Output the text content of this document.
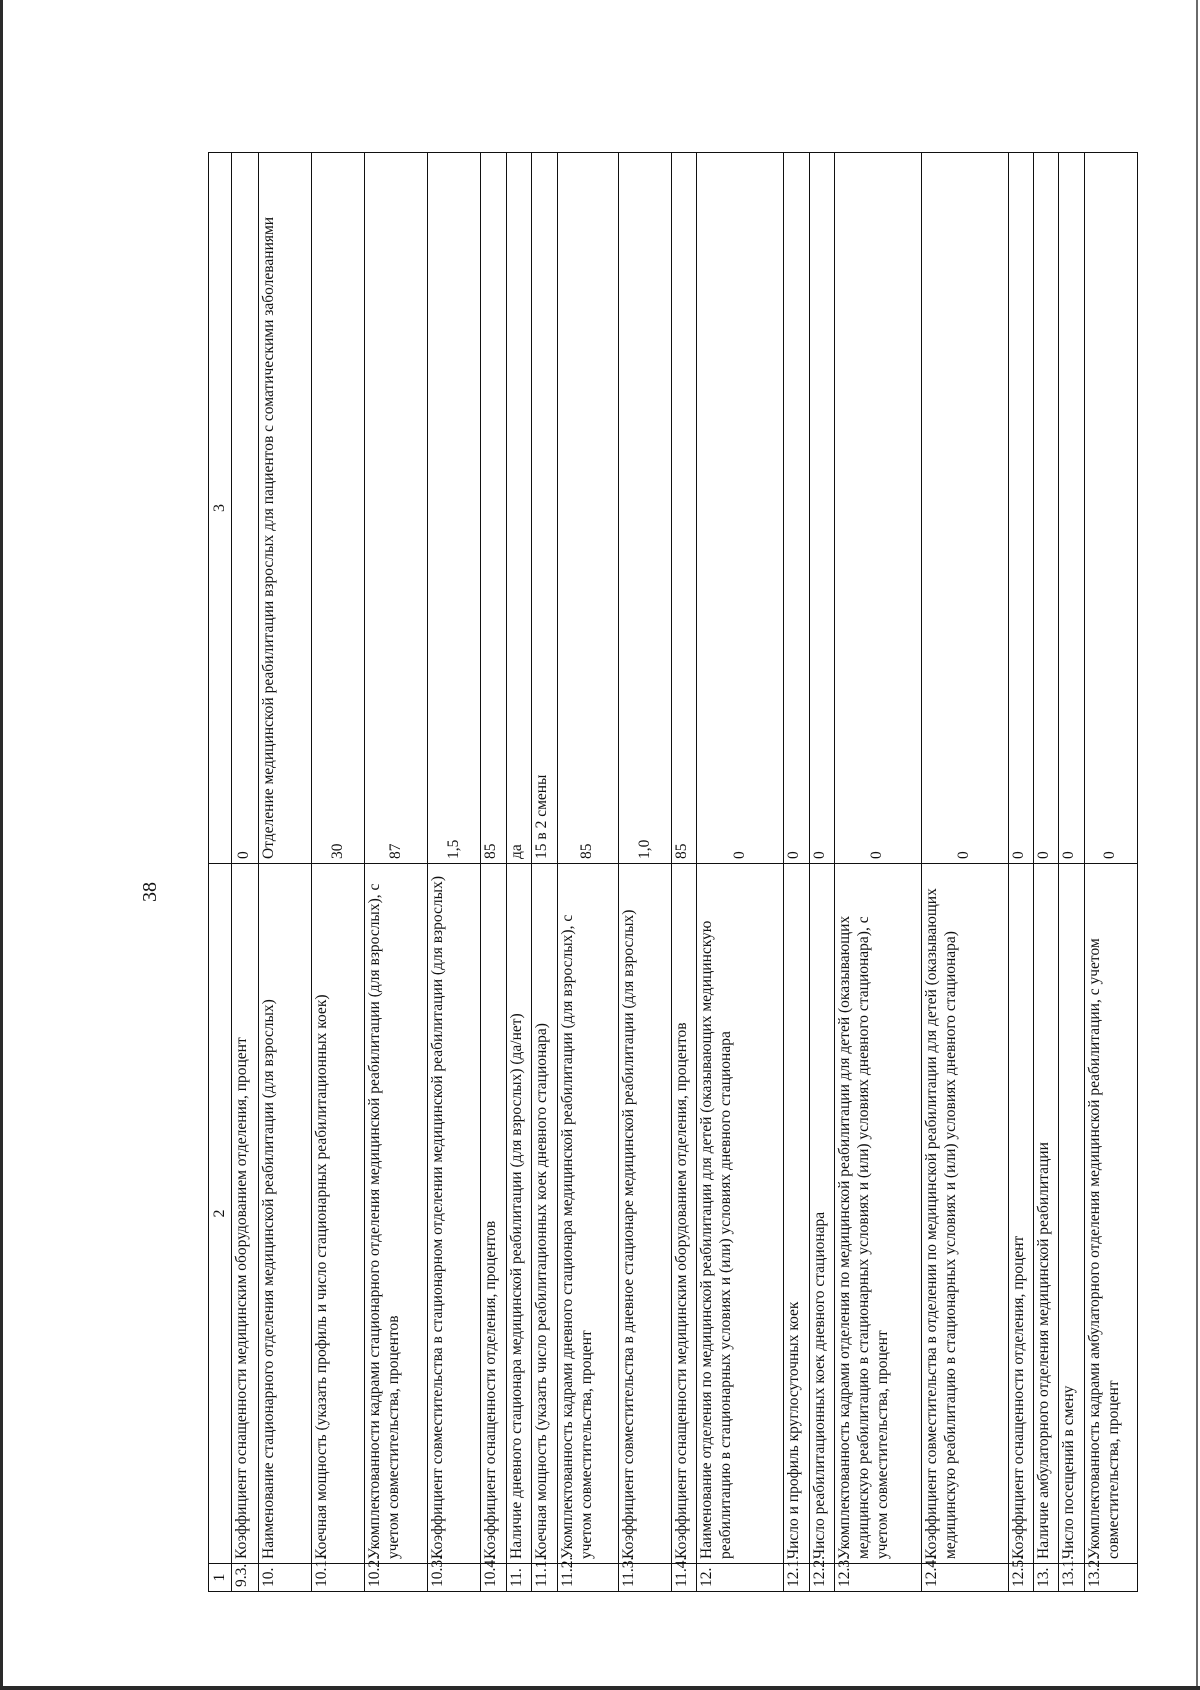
38
1	2	3
9.3.	Коэффициент оснащенности медицинским оборудованием отделения, процент	0
10.	Наименование стационарного отделения медицинской реабилитации (для взрослых)	Отделение медицинской реабилитации взрослых для пациентов с соматическими заболеваниями
10.1.	Коечная мощность (указать профиль и число стационарных реабилитационных коек)	30
10.2.	Укомплектованности кадрами стационарного отделения медицинской реабилитации (для взрослых), с учетом совместительства, процентов	87
10.3.	Коэффициент совместительства в стационарном отделении медицинской реабилитации (для взрослых)	1,5
10.4.	Коэффициент оснащенности отделения, процентов	85
11.	Наличие дневного стационара медицинской реабилитации (для взрослых) (да/нет)	да
11.1.	Коечная мощность (указать число реабилитационных коек дневного стационара)	15 в 2 смены
11.2.	Укомплектованность кадрами дневного стационара медицинской реабилитации (для взрослых), с учетом совместительства, процент	85
11.3.	Коэффициент совместительства в дневное стационаре медицинской реабилитации (для взрослых)	1,0
11.4.	Коэффициент оснащенности медицинским оборудованием отделения, процентов	85
12.	Наименование отделения по медицинской реабилитации для детей (оказывающих медицинскую реабилитацию в стационарных условиях и (или) условиях дневного стационара	0
12.1.	Число и профиль круглосуточных коек	0
12.2.	Число реабилитационных коек дневного стационара	0
12.3.	Укомплектованность кадрами отделения по медицинской реабилитации для детей (оказывающих медицинскую реабилитацию в стационарных условиях и (или) условиях дневного стационара), с учетом совместительства, процент	0
12.4.	Коэффициент совместительства в отделении по медицинской реабилитации для детей (оказывающих медицинскую реабилитацию в стационарных условиях и (или) условиях дневного стационара)	0
12.5.	Коэффициент оснащенности отделения, процент	0
13.	Наличие амбулаторного отделения медицинской реабилитации	0
13.1.	Число посещений в смену	0
13.2.	Укомплектованность кадрами амбулаторного отделения медицинской реабилитации, с учетом совместительства, процент	0
